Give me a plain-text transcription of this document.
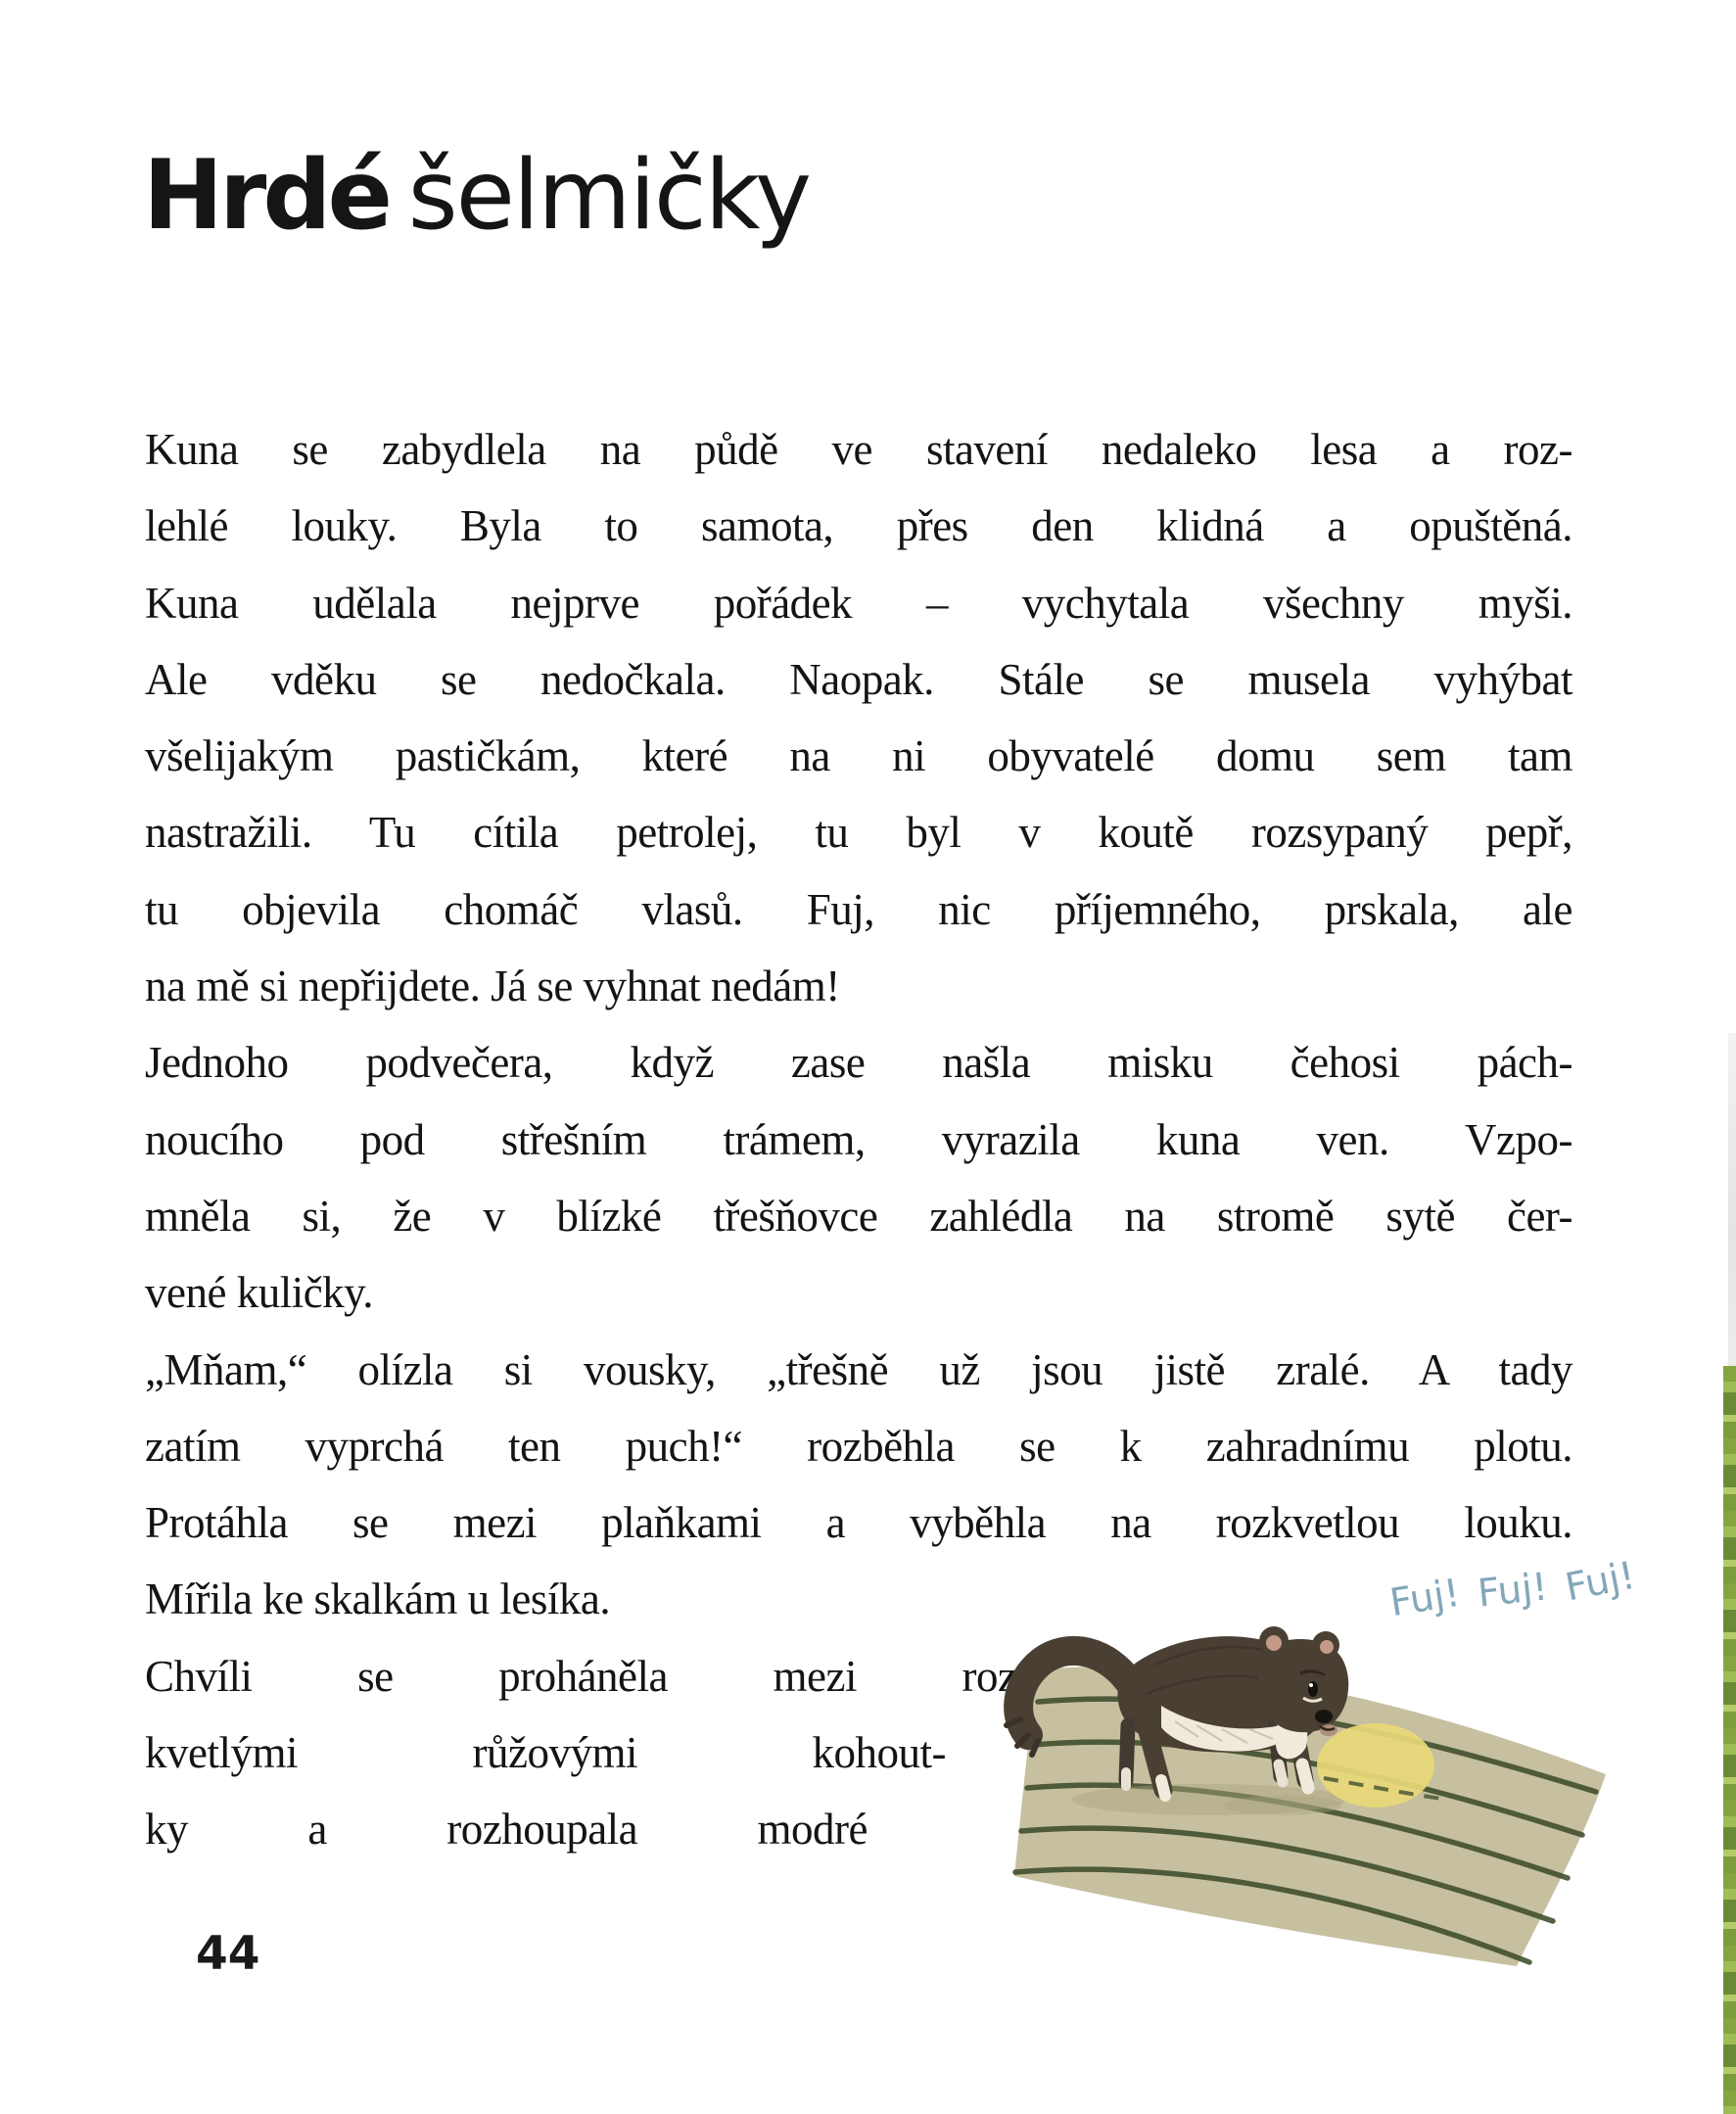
Hrdé šelmičky
Kuna se zabydlela na půdě ve stavení nedaleko lesa a roz-
lehlé louky. Byla to samota, přes den klidná a opuštěná.
Kuna udělala nejprve pořádek – vychytala všechny myši.
Ale vděku se nedočkala. Naopak. Stále se musela vyhýbat
všelijakým pastičkám, které na ni obyvatelé domu sem tam
nastražili. Tu cítila petrolej, tu byl v koutě rozsypaný pepř,
tu objevila chomáč vlasů. Fuj, nic příjemného, prskala, ale
na mě si nepřijdete. Já se vyhnat nedám!
Jednoho podvečera, když zase našla misku čehosi pách-
noucího pod střešním trámem, vyrazila kuna ven. Vzpo-
mněla si, že v blízké třešňovce zahlédla na stromě sytě čer-
vené kuličky.
„Mňam,“ olízla si vousky, „třešně už jsou jistě zralé. A tady
zatím vyprchá ten puch!“ rozběhla se k zahradnímu plotu.
Protáhla se mezi plaňkami a vyběhla na rozkvetlou louku.
Mířila ke skalkám u lesíka.
Chvíli se proháněla mezi roz-
kvetlými růžovými kohout-
ky a rozhoupala modré
Fuj! Fuj! Fuj!
44
